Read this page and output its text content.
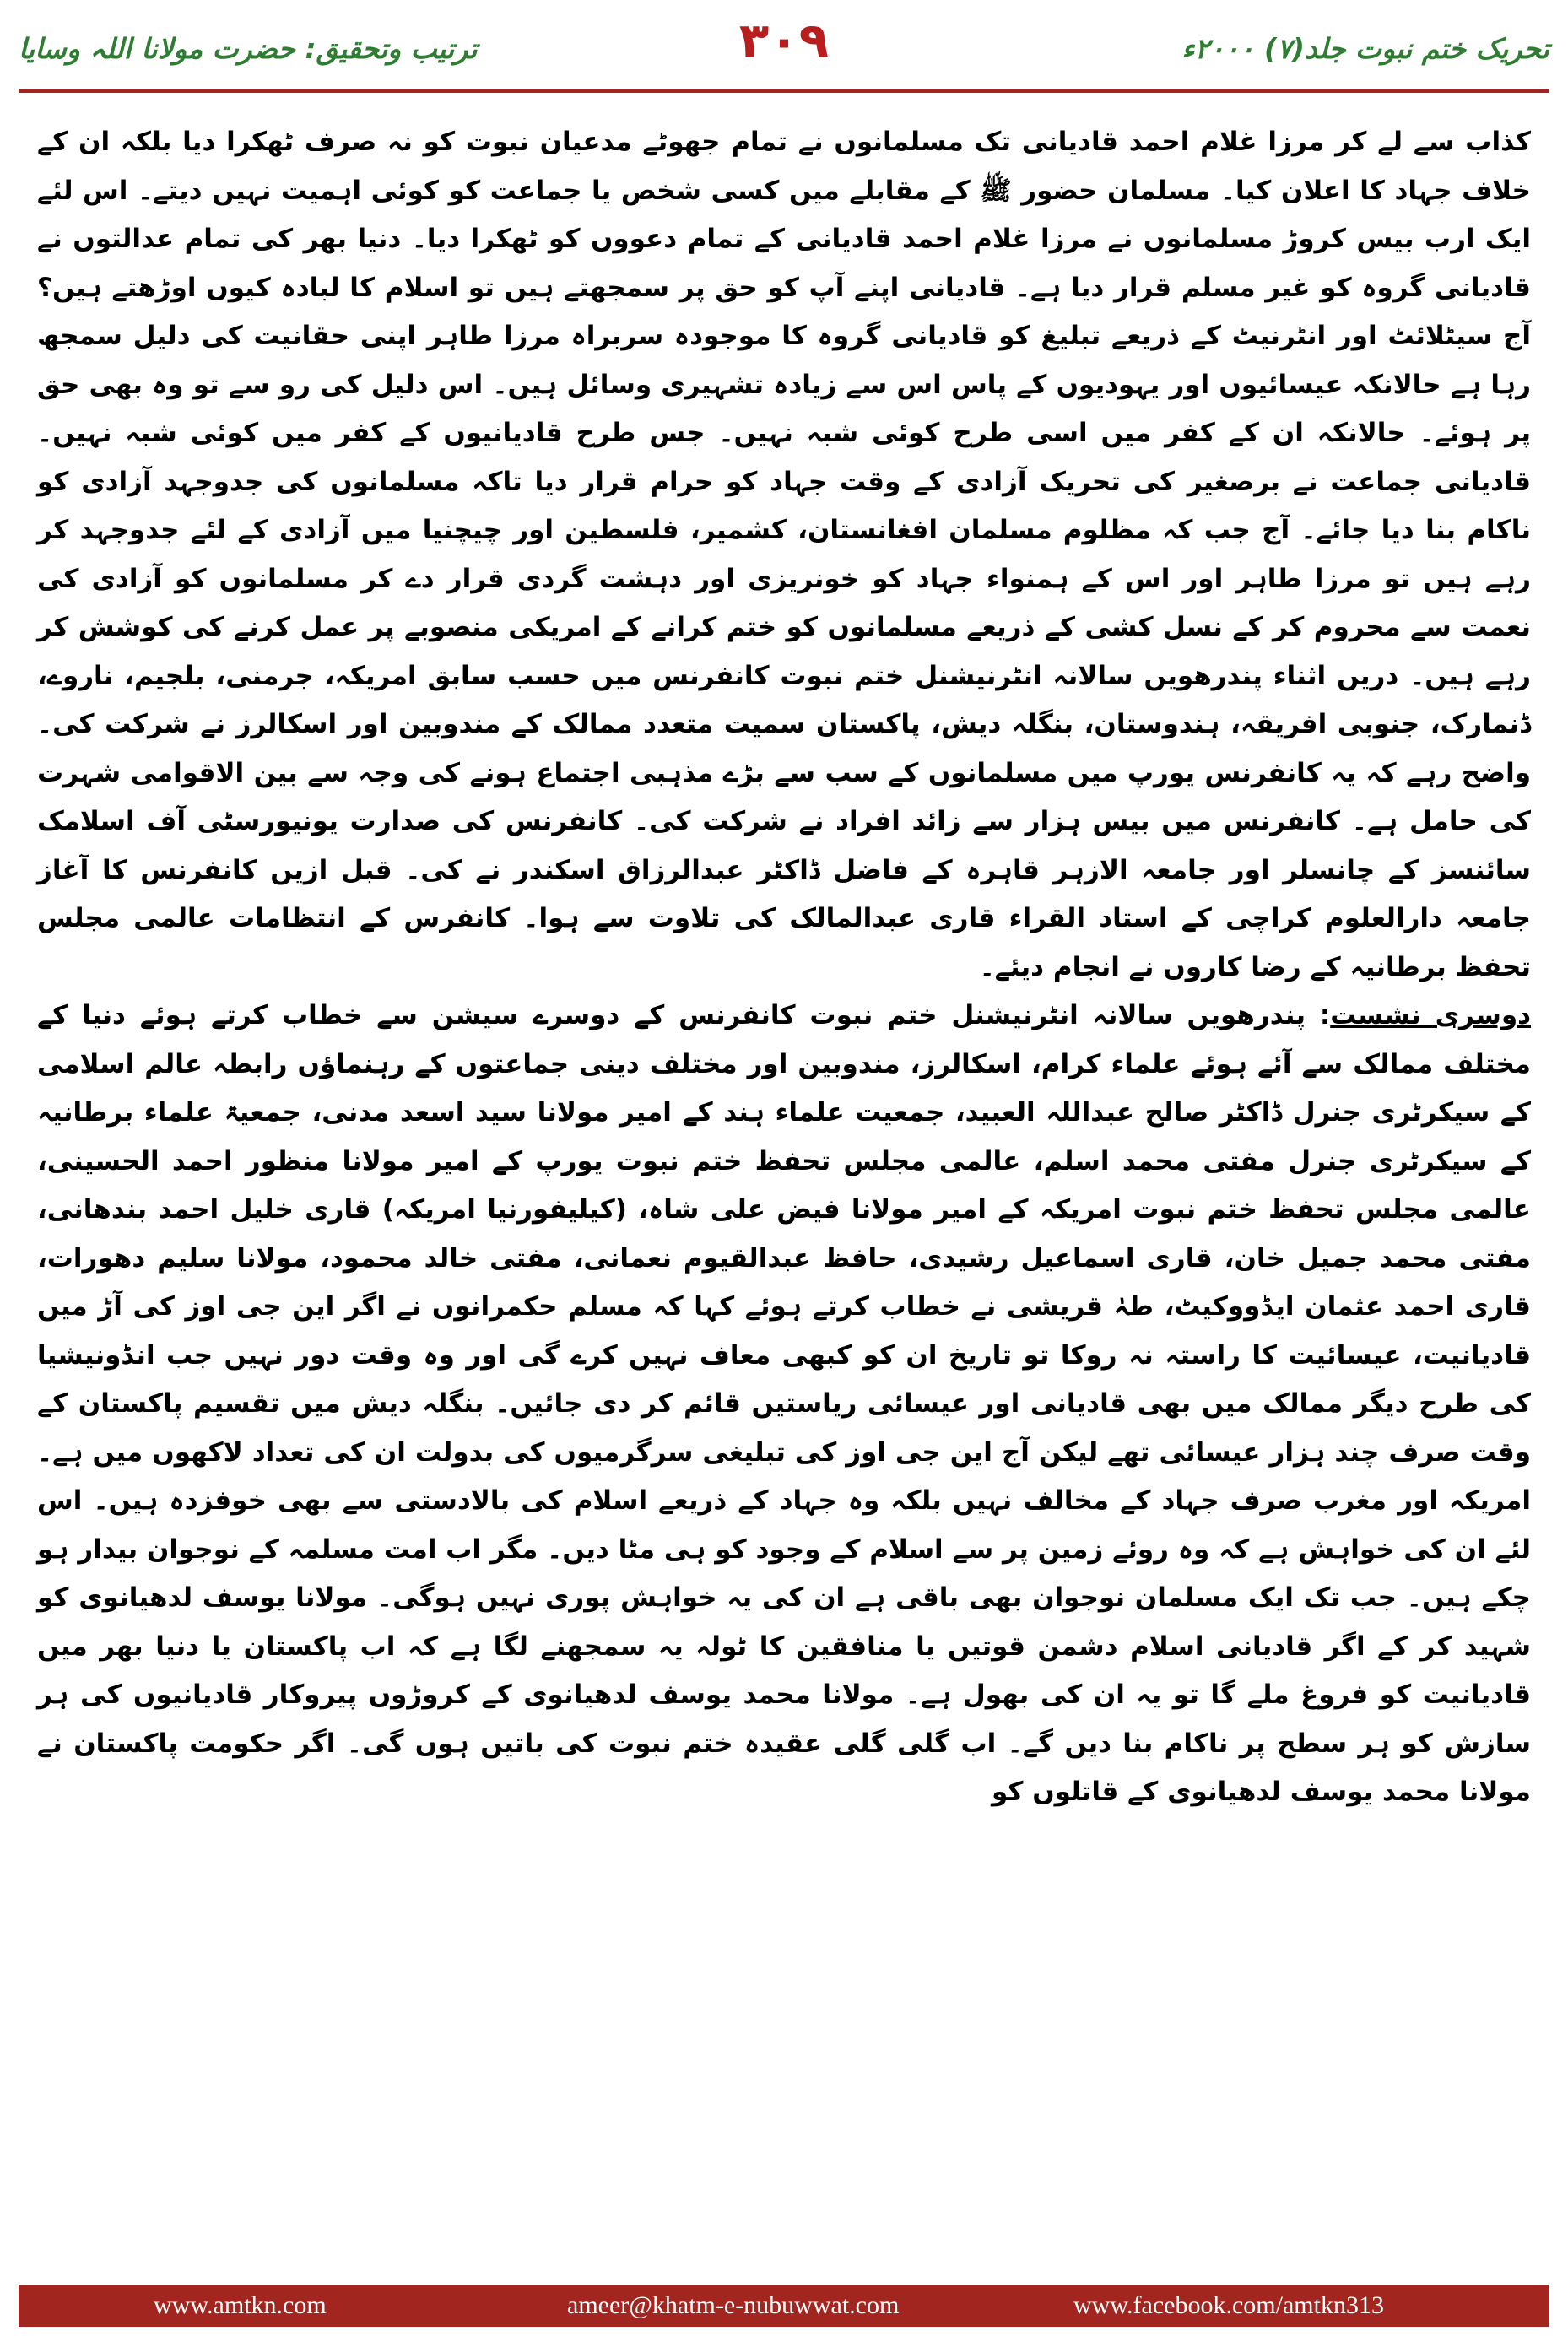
تحریک ختم نبوت جلد(۷) ۲۰۰۰ء
۳۰۹
ترتیب وتحقیق: حضرت مولانا اللہ وسایا

کذاب سے لے کر مرزا غلام احمد قادیانی تک مسلمانوں نے تمام جھوٹے مدعیان نبوت کو نہ صرف ٹھکرا دیا بلکہ ان کے خلاف جہاد کا اعلان کیا۔ مسلمان حضور ﷺ کے مقابلے میں کسی شخص یا جماعت کو کوئی اہمیت نہیں دیتے۔ اس لئے ایک ارب بیس کروڑ مسلمانوں نے مرزا غلام احمد قادیانی کے تمام دعووں کو ٹھکرا دیا۔ دنیا بھر کی تمام عدالتوں نے قادیانی گروہ کو غیر مسلم قرار دیا ہے۔ قادیانی اپنے آپ کو حق پر سمجھتے ہیں تو اسلام کا لبادہ کیوں اوڑھتے ہیں؟ آج سیٹلائٹ اور انٹرنیٹ کے ذریعے تبلیغ کو قادیانی گروہ کا موجودہ سربراہ مرزا طاہر اپنی حقانیت کی دلیل سمجھ رہا ہے حالانکہ عیسائیوں اور یہودیوں کے پاس اس سے زیادہ تشہیری وسائل ہیں۔ اس دلیل کی رو سے تو وہ بھی حق پر ہوئے۔ حالانکہ ان کے کفر میں اسی طرح کوئی شبہ نہیں۔ جس طرح قادیانیوں کے کفر میں کوئی شبہ نہیں۔ قادیانی جماعت نے برصغیر کی تحریک آزادی کے وقت جہاد کو حرام قرار دیا تاکہ مسلمانوں کی جدوجہد آزادی کو ناکام بنا دیا جائے۔ آج جب کہ مظلوم مسلمان افغانستان، کشمیر، فلسطین اور چیچنیا میں آزادی کے لئے جدوجہد کر رہے ہیں تو مرزا طاہر اور اس کے ہمنواء جہاد کو خونریزی اور دہشت گردی قرار دے کر مسلمانوں کو آزادی کی نعمت سے محروم کر کے نسل کشی کے ذریعے مسلمانوں کو ختم کرانے کے امریکی منصوبے پر عمل کرنے کی کوشش کر رہے ہیں۔ دریں اثناء پندرھویں سالانہ انٹرنیشنل ختم نبوت کانفرنس میں حسب سابق امریکہ، جرمنی، بلجیم، ناروے، ڈنمارک، جنوبی افریقہ، ہندوستان، بنگلہ دیش، پاکستان سمیت متعدد ممالک کے مندوبین اور اسکالرز نے شرکت کی۔ واضح رہے کہ یہ کانفرنس یورپ میں مسلمانوں کے سب سے بڑے مذہبی اجتماع ہونے کی وجہ سے بین الاقوامی شہرت کی حامل ہے۔ کانفرنس میں بیس ہزار سے زائد افراد نے شرکت کی۔ کانفرنس کی صدارت یونیورسٹی آف اسلامک سائنسز کے چانسلر اور جامعہ الازہر قاہرہ کے فاضل ڈاکٹر عبدالرزاق اسکندر نے کی۔ قبل ازیں کانفرنس کا آغاز جامعہ دارالعلوم کراچی کے استاد القراء قاری عبدالمالک کی تلاوت سے ہوا۔ کانفرس کے انتظامات عالمی مجلس تحفظ برطانیہ کے رضا کاروں نے انجام دیئے۔

دوسری نشست: پندرھویں سالانہ انٹرنیشنل ختم نبوت کانفرنس کے دوسرے سیشن سے خطاب کرتے ہوئے دنیا کے مختلف ممالک سے آئے ہوئے علماء کرام، اسکالرز، مندوبین اور مختلف دینی جماعتوں کے رہنماؤں رابطہ عالم اسلامی کے سیکرٹری جنرل ڈاکٹر صالح عبداللہ العبید، جمعیت علماء ہند کے امیر مولانا سید اسعد مدنی، جمعیۃ علماء برطانیہ کے سیکرٹری جنرل مفتی محمد اسلم، عالمی مجلس تحفظ ختم نبوت یورپ کے امیر مولانا منظور احمد الحسینی، عالمی مجلس تحفظ ختم نبوت امریکہ کے امیر مولانا فیض علی شاہ، (کیلیفورنیا امریکہ) قاری خلیل احمد بندھانی، مفتی محمد جمیل خان، قاری اسماعیل رشیدی، حافظ عبدالقیوم نعمانی، مفتی خالد محمود، مولانا سلیم دھورات، قاری احمد عثمان ایڈووکیٹ، طہٰ قریشی نے خطاب کرتے ہوئے کہا کہ مسلم حکمرانوں نے اگر این جی اوز کی آڑ میں قادیانیت، عیسائیت کا راستہ نہ روکا تو تاریخ ان کو کبھی معاف نہیں کرے گی اور وہ وقت دور نہیں جب انڈونیشیا کی طرح دیگر ممالک میں بھی قادیانی اور عیسائی ریاستیں قائم کر دی جائیں۔ بنگلہ دیش میں تقسیم پاکستان کے وقت صرف چند ہزار عیسائی تھے لیکن آج این جی اوز کی تبلیغی سرگرمیوں کی بدولت ان کی تعداد لاکھوں میں ہے۔ امریکہ اور مغرب صرف جہاد کے مخالف نہیں بلکہ وہ جہاد کے ذریعے اسلام کی بالادستی سے بھی خوفزدہ ہیں۔ اس لئے ان کی خواہش ہے کہ وہ روئے زمین پر سے اسلام کے وجود کو ہی مٹا دیں۔ مگر اب امت مسلمہ کے نوجوان بیدار ہو چکے ہیں۔ جب تک ایک مسلمان نوجوان بھی باقی ہے ان کی یہ خواہش پوری نہیں ہوگی۔ مولانا یوسف لدھیانوی کو شہید کر کے اگر قادیانی اسلام دشمن قوتیں یا منافقین کا ٹولہ یہ سمجھنے لگا ہے کہ اب پاکستان یا دنیا بھر میں قادیانیت کو فروغ ملے گا تو یہ ان کی بھول ہے۔ مولانا محمد یوسف لدھیانوی کے کروڑوں پیروکار قادیانیوں کی ہر سازش کو ہر سطح پر ناکام بنا دیں گے۔ اب گلی گلی عقیدہ ختم نبوت کی باتیں ہوں گی۔ اگر حکومت پاکستان نے مولانا محمد یوسف لدھیانوی کے قاتلوں کو

www.amtkn.com	ameer@khatm-e-nubuwwat.com	www.facebook.com/amtkn313
